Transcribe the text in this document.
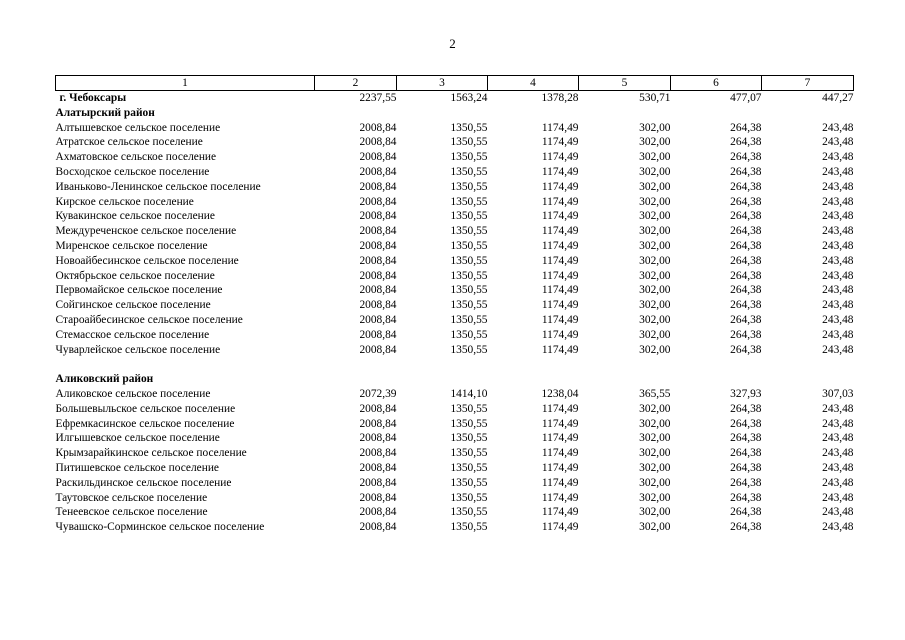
2
1	2	3	4	5	6	7
г. Чебоксары	2237,55	1563,24	1378,28	530,71	477,07	447,27
Алатырский район						
Алтышевское сельское поселение	2008,84	1350,55	1174,49	302,00	264,38	243,48
Атратское сельское поселение	2008,84	1350,55	1174,49	302,00	264,38	243,48
Ахматовское сельское поселение	2008,84	1350,55	1174,49	302,00	264,38	243,48
Восходское сельское поселение	2008,84	1350,55	1174,49	302,00	264,38	243,48
Иваньково-Ленинское сельское поселение	2008,84	1350,55	1174,49	302,00	264,38	243,48
Кирское сельское поселение	2008,84	1350,55	1174,49	302,00	264,38	243,48
Кувакинское сельское поселение	2008,84	1350,55	1174,49	302,00	264,38	243,48
Междуреченское сельское поселение	2008,84	1350,55	1174,49	302,00	264,38	243,48
Миренское сельское поселение	2008,84	1350,55	1174,49	302,00	264,38	243,48
Новоайбесинское сельское поселение	2008,84	1350,55	1174,49	302,00	264,38	243,48
Октябрьское сельское поселение	2008,84	1350,55	1174,49	302,00	264,38	243,48
Первомайское сельское поселение	2008,84	1350,55	1174,49	302,00	264,38	243,48
Сойгинское сельское поселение	2008,84	1350,55	1174,49	302,00	264,38	243,48
Староайбесинское сельское поселение	2008,84	1350,55	1174,49	302,00	264,38	243,48
Стемасское сельское поселение	2008,84	1350,55	1174,49	302,00	264,38	243,48
Чуварлейское сельское поселение	2008,84	1350,55	1174,49	302,00	264,38	243,48

Аликовский район						
Аликовское сельское поселение	2072,39	1414,10	1238,04	365,55	327,93	307,03
Большевыльское сельское поселение	2008,84	1350,55	1174,49	302,00	264,38	243,48
Ефремкасинское сельское поселение	2008,84	1350,55	1174,49	302,00	264,38	243,48
Илгышевское сельское поселение	2008,84	1350,55	1174,49	302,00	264,38	243,48
Крымзарайкинское сельское поселение	2008,84	1350,55	1174,49	302,00	264,38	243,48
Питишевское сельское поселение	2008,84	1350,55	1174,49	302,00	264,38	243,48
Раскильдинское сельское поселение	2008,84	1350,55	1174,49	302,00	264,38	243,48
Таутовское сельское поселение	2008,84	1350,55	1174,49	302,00	264,38	243,48
Тенеевское сельское поселение	2008,84	1350,55	1174,49	302,00	264,38	243,48
Чувашско-Сорминское сельское поселение	2008,84	1350,55	1174,49	302,00	264,38	243,48
